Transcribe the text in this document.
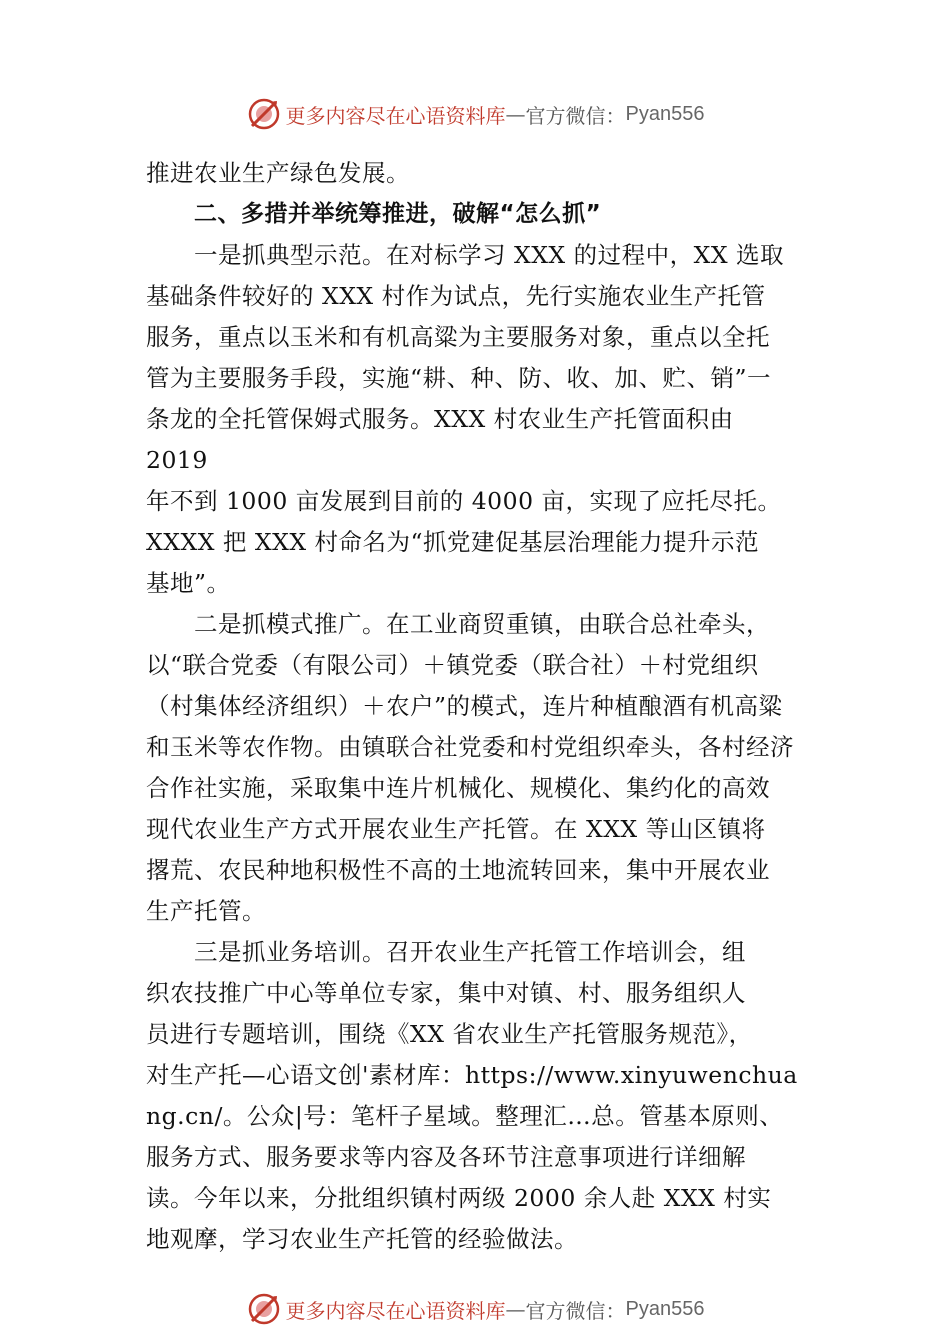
更多内容尽在心语资料库 — 官方微信： Pyan556
推进农业生产绿色发展。
二、多措并举统筹推进，破解“怎么抓”
一是抓典型示范。在对标学习 XXX 的过程中，XX 选取
基础条件较好的 XXX 村作为试点，先行实施农业生产托管
服务，重点以玉米和有机高粱为主要服务对象，重点以全托
管为主要服务手段，实施“耕、种、防、收、加、贮、销”一
条龙的全托管保姆式服务。XXX 村农业生产托管面积由
2019
年不到 1000 亩发展到目前的 4000 亩，实现了应托尽托。
XXXX 把 XXX 村命名为“抓党建促基层治理能力提升示范
基地”。
二是抓模式推广。在工业商贸重镇，由联合总社牵头，
以“联合党委（有限公司）＋镇党委（联合社）＋村党组织
（村集体经济组织）＋农户”的模式，连片种植酿酒有机高粱
和玉米等农作物。由镇联合社党委和村党组织牵头，各村经济
合作社实施，采取集中连片机械化、规模化、集约化的高效
现代农业生产方式开展农业生产托管。在 XXX 等山区镇将
撂荒、农民种地积极性不高的土地流转回来，集中开展农业
生产托管。
三是抓业务培训。召开农业生产托管工作培训会，组
织农技推广中心等单位专家，集中对镇、村、服务组织人
员进行专题培训，围绕《XX 省农业生产托管服务规范》，
对生产托—心语文创'素材库：https://www.xinyuwenchua
ng.cn/。公众|号：笔杆子星域。整理汇…总。管基本原则、
服务方式、服务要求等内容及各环节注意事项进行详细解
读。今年以来，分批组织镇村两级 2000 余人赴 XXX 村实
地观摩，学习农业生产托管的经验做法。
更多内容尽在心语资料库 — 官方微信： Pyan556
